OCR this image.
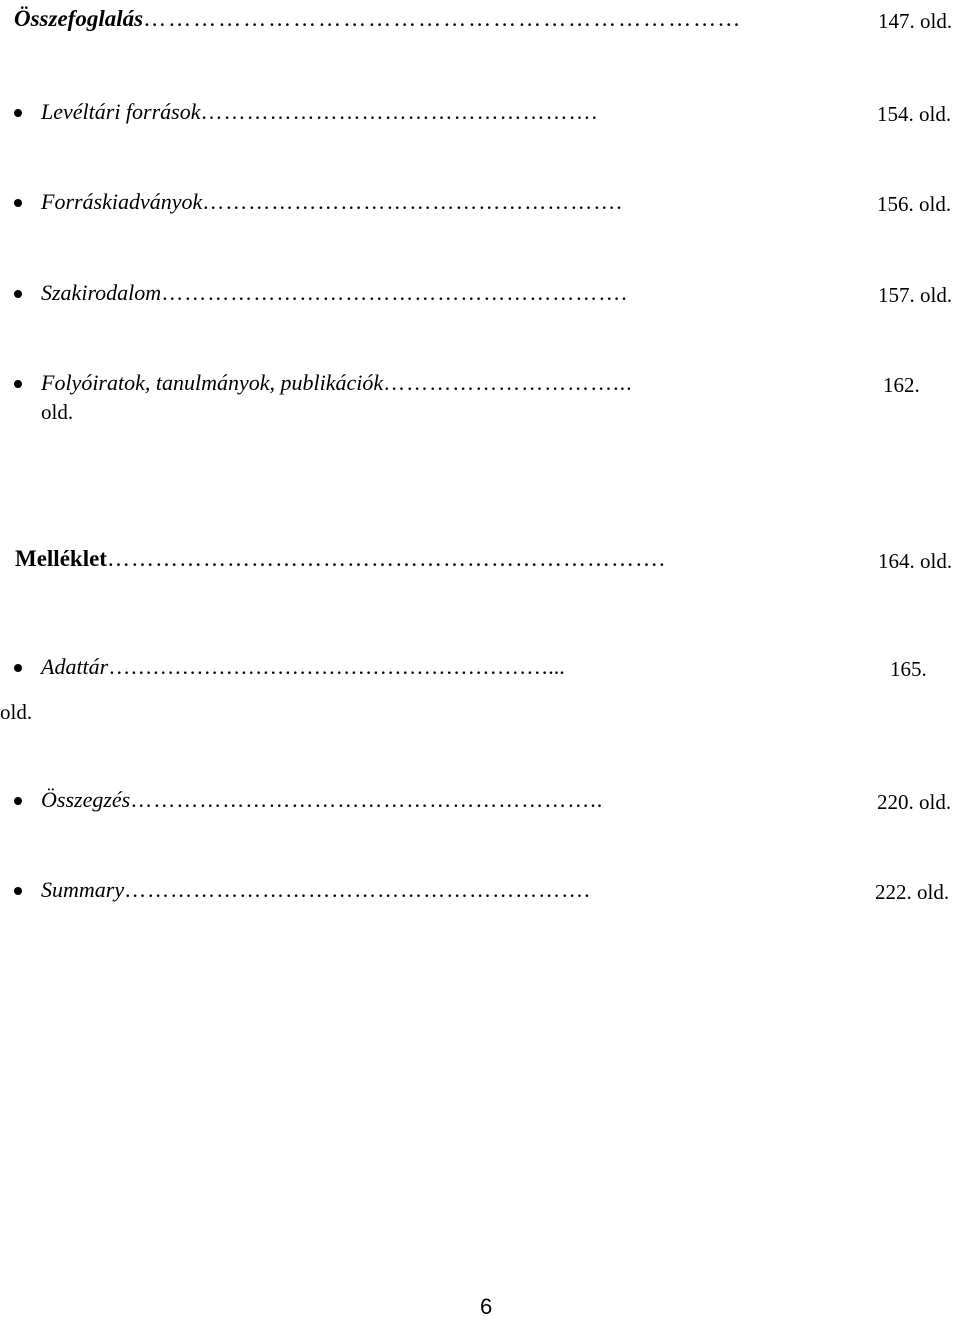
Összefoglalás……………………………………………………………...	147. old.
Levéltári források…………………………………………….	154. old.
Forráskiadványok……………………………………………….	156. old.
Szakirodalom…………………………………………………….	157. old.
Folyóiratok, tanulmányok, publikációk…………………………...	162.
old.
Melléklet…………………………………………………………….	164. old.
Adattár……………………………………………………...	165.
old.
Összegzés……………………………………………………..	220. old.
Summary…………………………………………………….	222. old.
6
